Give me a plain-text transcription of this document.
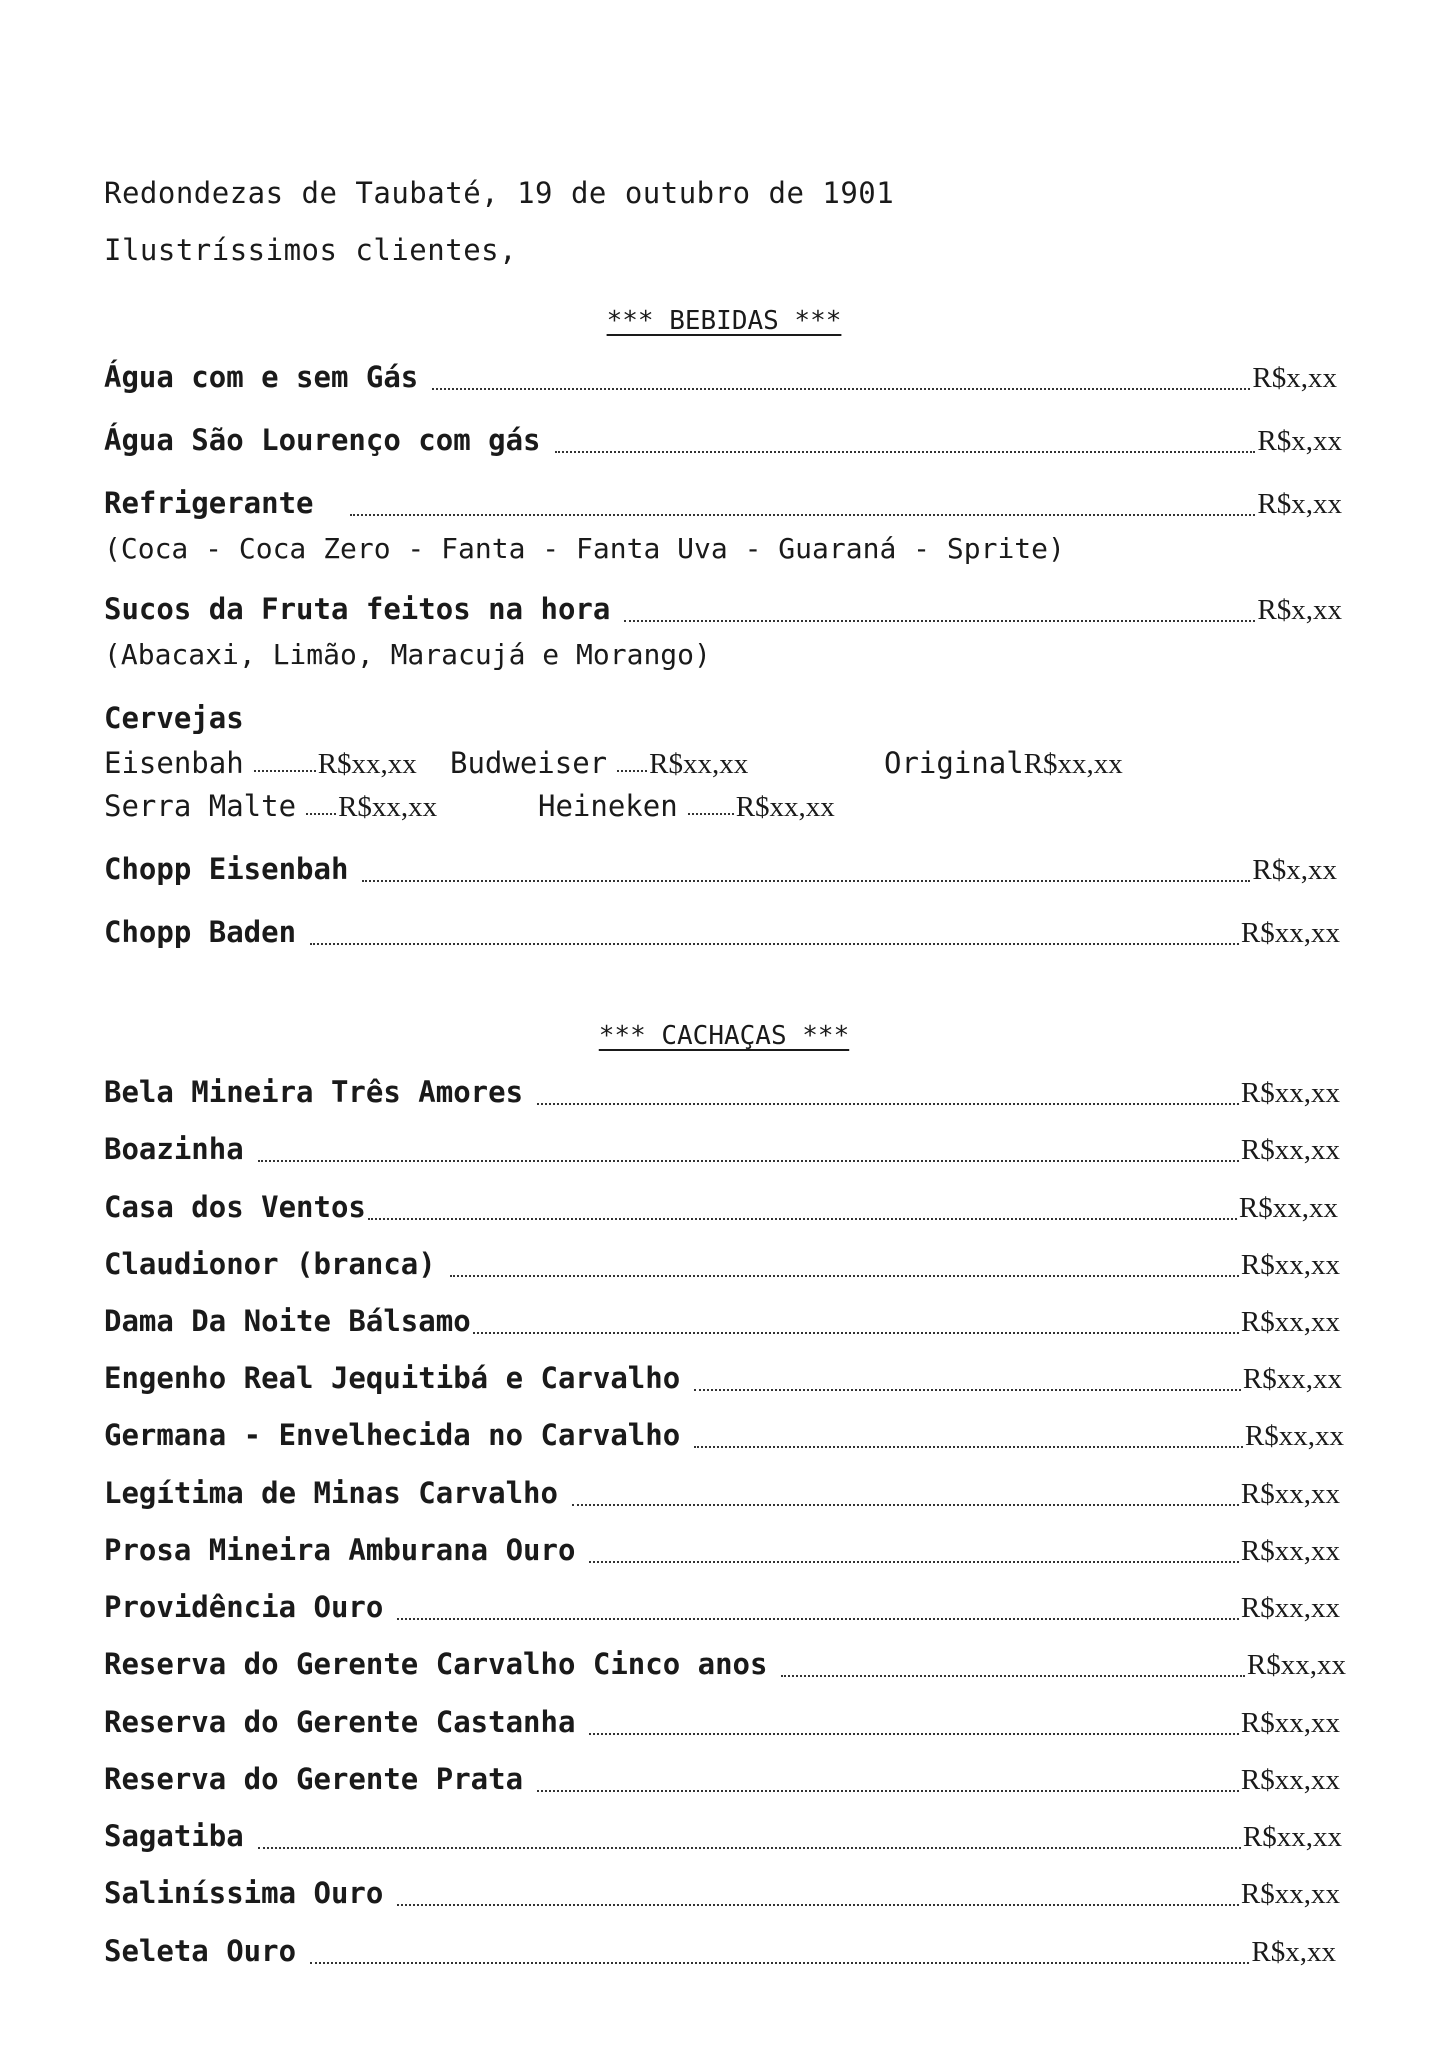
Redondezas de Taubaté, 19 de outubro de 1901
Ilustríssimos clientes,
*** BEBIDAS ***
Água com e sem Gás	R$x,xx
Água São Lourenço com gás	R$x,xx
Refrigerante	R$x,xx
(Coca - Coca Zero - Fanta - Fanta Uva - Guaraná - Sprite)
Sucos da Fruta feitos na hora	R$x,xx
(Abacaxi, Limão, Maracujá e Morango)
Cervejas
Eisenbah	R$xx,xx Budweiser R$xx,xx	Original R$xx,xx
Serra Malte R$xx,xx	Heineken R$xx,xx
Chopp Eisenbah	R$x,xx
Chopp Baden	R$xx,xx
*** CACHAÇAS ***
Bela Mineira Três Amores	R$xx,xx
Boazinha	R$xx,xx
Casa dos Ventos	R$xx,xx
Claudionor (branca)	R$xx,xx
Dama Da Noite Bálsamo	R$xx,xx
Engenho Real Jequitibá e Carvalho	R$xx,xx
Germana - Envelhecida no Carvalho	R$xx,xx
Legítima de Minas Carvalho	R$xx,xx
Prosa Mineira Amburana Ouro	R$xx,xx
Providência Ouro	R$xx,xx
Reserva do Gerente Carvalho Cinco anos	R$xx,xx
Reserva do Gerente Castanha	R$xx,xx
Reserva do Gerente Prata	R$xx,xx
Sagatiba	R$xx,xx
Saliníssima Ouro	R$xx,xx
Seleta Ouro	R$x,xx
